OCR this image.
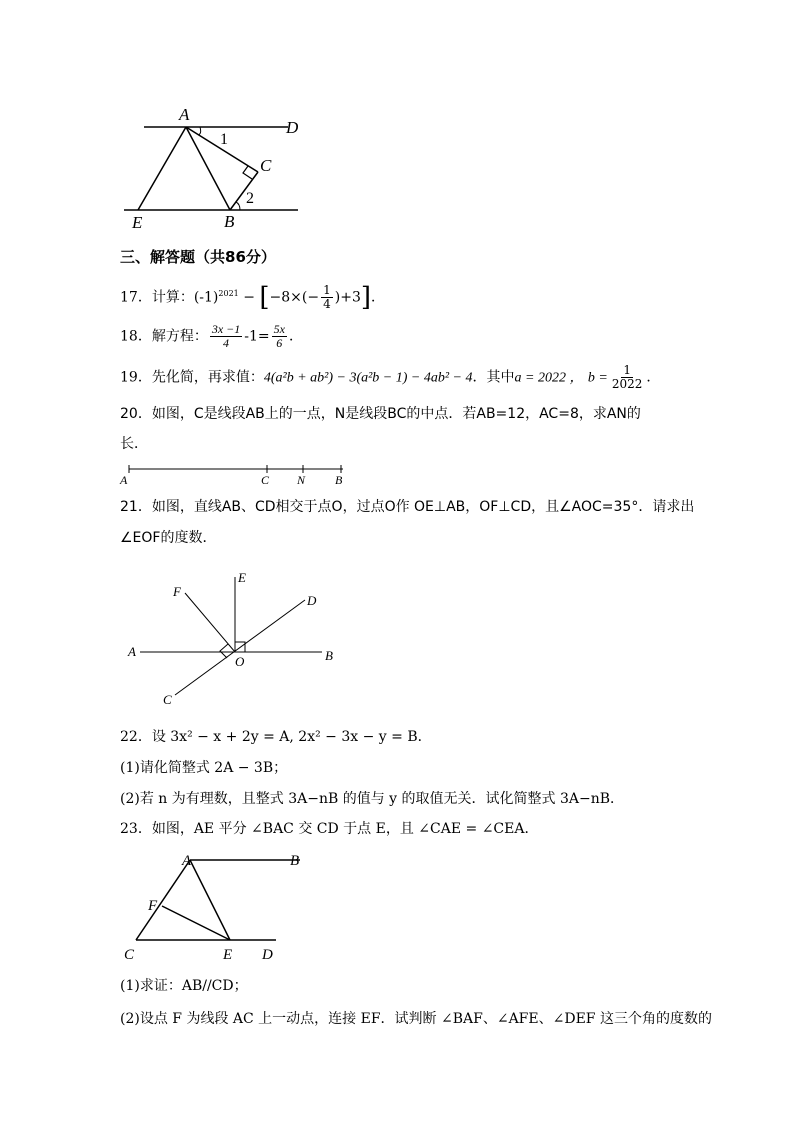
A
D
C
B
E
1
2
三、解答题（共86分）
17．计算：$(-1)^{2021} - [-8\times(- \frac{1}{4} )+3]$．
18．解方程： $\frac{3x -1}{4} -1= \frac{5x}{6}$ ．
19．先化简，再求值：4(a²b + ab²) − 3(a²b − 1) − 4ab² − 4．其中a = 2022 ， $b = \frac{1}{2022}$ ．
20．如图，C是线段AB上的一点，N是线段BC的中点．若AB=12，AC=8，求AN的
长．
A	C N B
21．如图，直线AB、CD相交于点O，过点O作 OE⊥AB，OF⊥CD，且∠AOC=35°．请求出
∠EOF的度数．
F
E
D
A
O	B
C
22．设 3x² − x + 2y = A, 2x² − 3x − y = B．
(1)请化简整式 2A − 3B；
(2)若 n 为有理数，且整式 3A−nB 的值与 y 的取值无关．试化简整式 3A−nB．
23．如图，AE 平分 ∠BAC 交 CD 于点 E，且 ∠CAE = ∠CEA．
A	B
F
C	E D
(1)求证：AB//CD；
(2)设点 F 为线段 AC 上一动点，连接 EF．试判断 ∠BAF、∠AFE、∠DEF 这三个角的度数的
